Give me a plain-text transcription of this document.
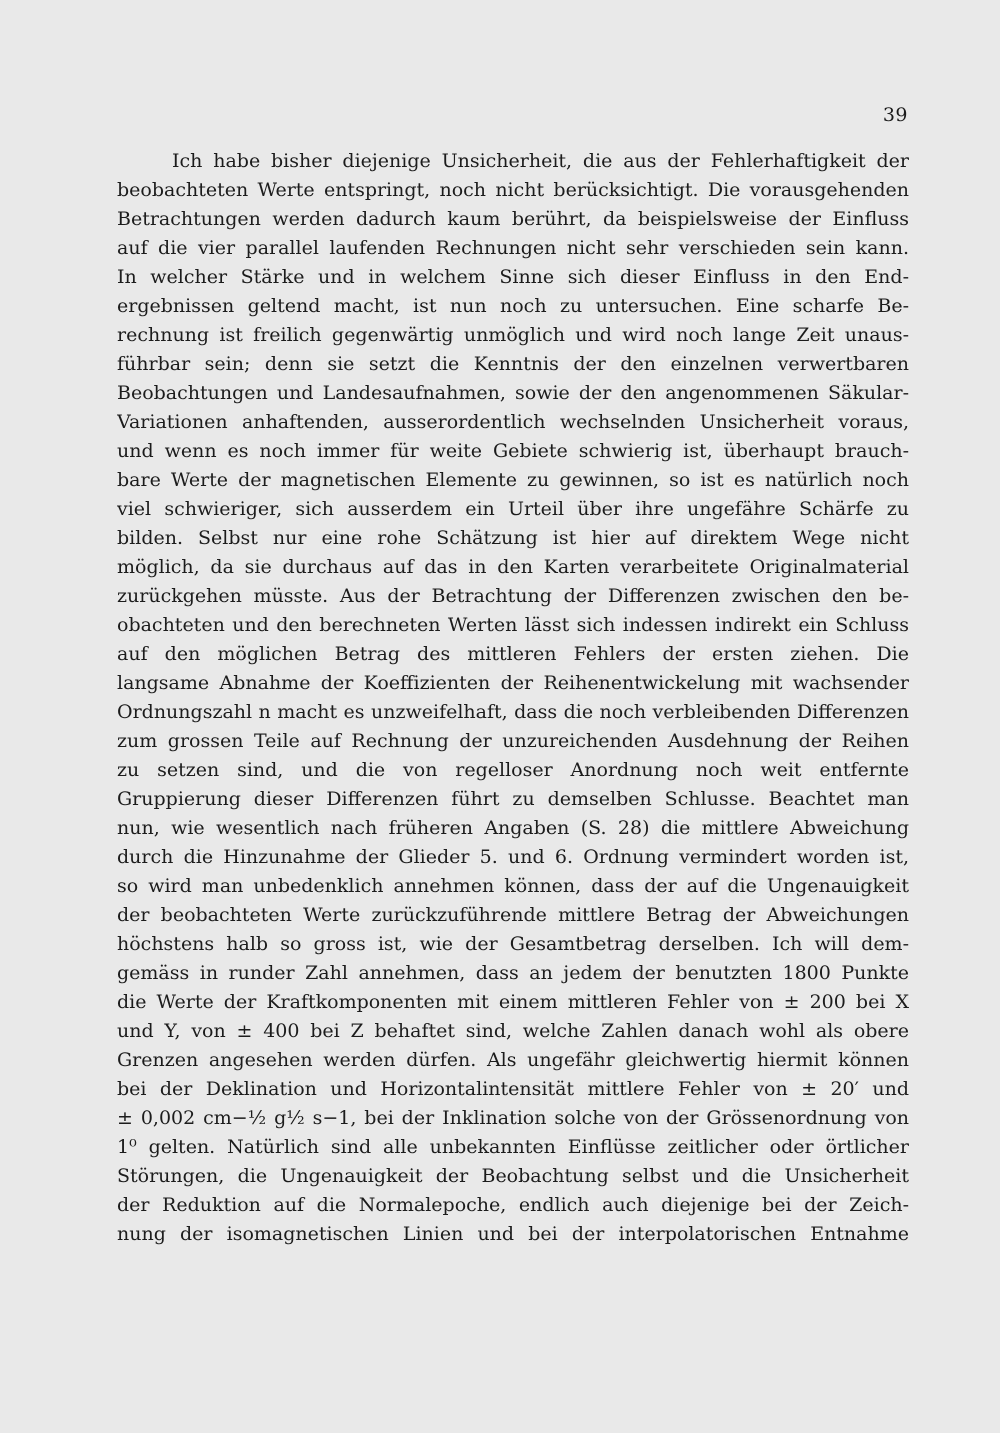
39
Ich habe bisher diejenige Unsicherheit, die aus der Fehlerhaftigkeit der
beobachteten Werte entspringt, noch nicht berücksichtigt. Die vorausgehenden
Betrachtungen werden dadurch kaum berührt, da beispielsweise der Einfluss
auf die vier parallel laufenden Rechnungen nicht sehr verschieden sein kann.
In welcher Stärke und in welchem Sinne sich dieser Einfluss in den End-
ergebnissen geltend macht, ist nun noch zu untersuchen. Eine scharfe Be-
rechnung ist freilich gegenwärtig unmöglich und wird noch lange Zeit unaus-
führbar sein; denn sie setzt die Kenntnis der den einzelnen verwertbaren
Beobachtungen und Landesaufnahmen, sowie der den angenommenen Säkular-
Variationen anhaftenden, ausserordentlich wechselnden Unsicherheit voraus,
und wenn es noch immer für weite Gebiete schwierig ist, überhaupt brauch-
bare Werte der magnetischen Elemente zu gewinnen, so ist es natürlich noch
viel schwieriger, sich ausserdem ein Urteil über ihre ungefähre Schärfe zu
bilden. Selbst nur eine rohe Schätzung ist hier auf direktem Wege nicht
möglich, da sie durchaus auf das in den Karten verarbeitete Originalmaterial
zurückgehen müsste. Aus der Betrachtung der Differenzen zwischen den be-
obachteten und den berechneten Werten lässt sich indessen indirekt ein Schluss
auf den möglichen Betrag des mittleren Fehlers der ersten ziehen. Die
langsame Abnahme der Koeffizienten der Reihenentwickelung mit wachsender
Ordnungszahl n macht es unzweifelhaft, dass die noch verbleibenden Differenzen
zum grossen Teile auf Rechnung der unzureichenden Ausdehnung der Reihen
zu setzen sind, und die von regelloser Anordnung noch weit entfernte
Gruppierung dieser Differenzen führt zu demselben Schlusse. Beachtet man
nun, wie wesentlich nach früheren Angaben (S. 28) die mittlere Abweichung
durch die Hinzunahme der Glieder 5. und 6. Ordnung vermindert worden ist,
so wird man unbedenklich annehmen können, dass der auf die Ungenauigkeit
der beobachteten Werte zurückzuführende mittlere Betrag der Abweichungen
höchstens halb so gross ist, wie der Gesamtbetrag derselben. Ich will dem-
gemäss in runder Zahl annehmen, dass an jedem der benutzten 1800 Punkte
die Werte der Kraftkomponenten mit einem mittleren Fehler von ± 200 bei X
und Y, von ± 400 bei Z behaftet sind, welche Zahlen danach wohl als obere
Grenzen angesehen werden dürfen. Als ungefähr gleichwertig hiermit können
bei der Deklination und Horizontalintensität mittlere Fehler von ± 20′ und
± 0,002 cm−½ g½ s−1, bei der Inklination solche von der Grössenordnung von
1⁰ gelten. Natürlich sind alle unbekannten Einflüsse zeitlicher oder örtlicher
Störungen, die Ungenauigkeit der Beobachtung selbst und die Unsicherheit
der Reduktion auf die Normalepoche, endlich auch diejenige bei der Zeich-
nung der isomagnetischen Linien und bei der interpolatorischen Entnahme
